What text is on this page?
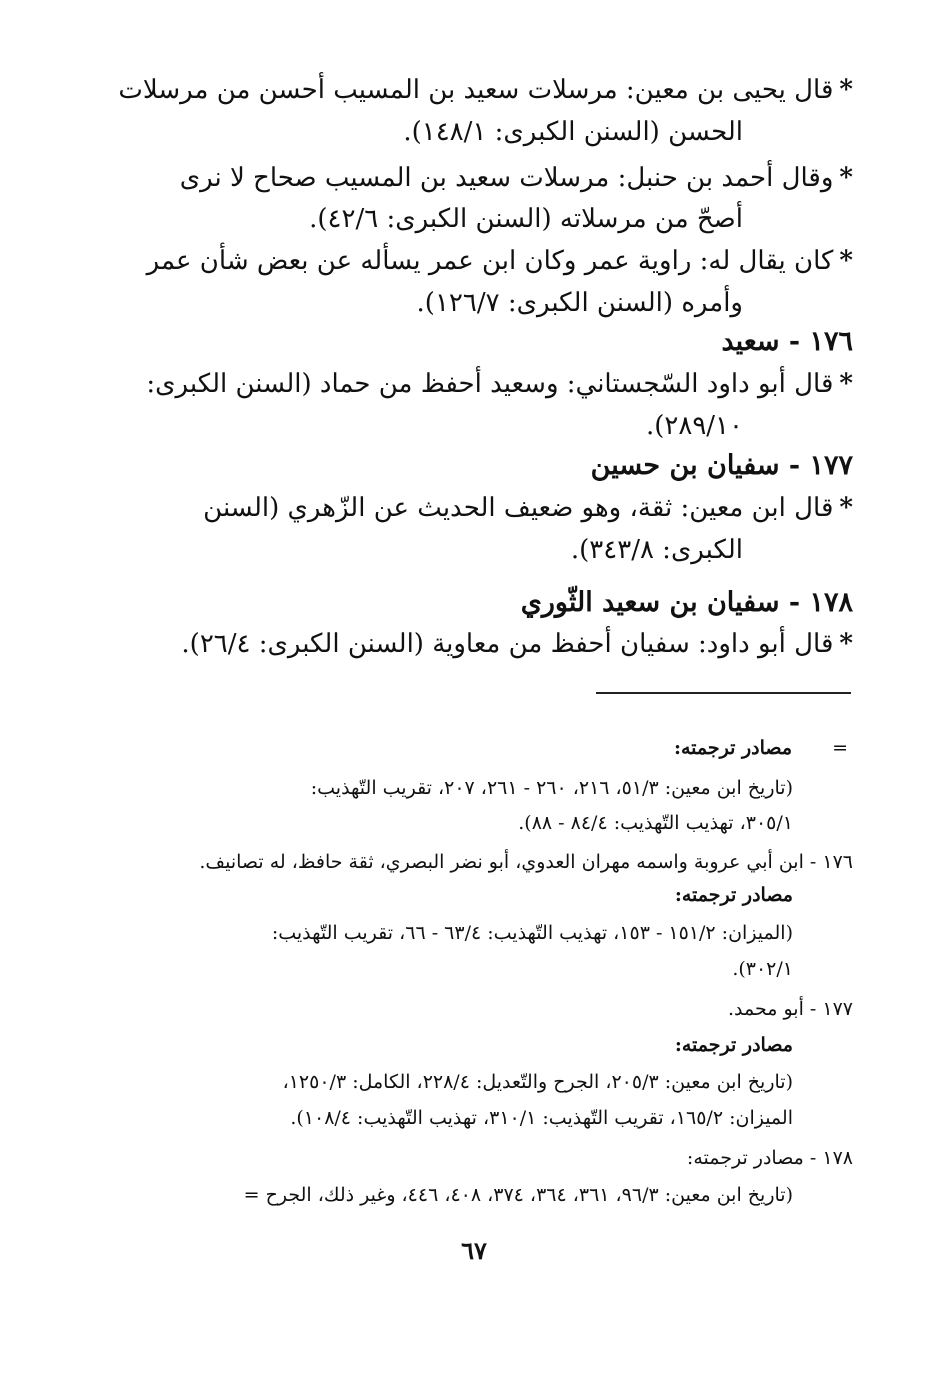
*قال يحيى بن معين: مرسلات سعيد بن المسيب أحسن من مرسلات
الحسن (السنن الكبرى: ١٤٨/١).
*وقال أحمد بن حنبل: مرسلات سعيد بن المسيب صحاح لا نرى
أصحّ من مرسلاته (السنن الكبرى: ٤٢/٦).
*كان يقال له: راوية عمر وكان ابن عمر يسأله عن بعض شأن عمر
وأمره (السنن الكبرى: ١٢٦/٧).
١٧٦ - سعيد
*قال أبو داود السّجستاني: وسعيد أحفظ من حماد (السنن الكبرى:
٢٨٩/١٠).
١٧٧ - سفيان بن حسين
*قال ابن معين: ثقة، وهو ضعيف الحديث عن الزّهري (السنن
الكبرى: ٣٤٣/٨).
١٧٨ - سفيان بن سعيد الثّوري
*قال أبو داود: سفيان أحفظ من معاوية (السنن الكبرى: ٢٦/٤).
=مصادر ترجمته:
(تاريخ ابن معين: ٥١/٣، ٢١٦، ٢٦٠ - ٢٦١، ٢٠٧، تقريب التّهذيب:
٣٠٥/١، تهذيب التّهذيب: ٨٤/٤ - ٨٨).
١٧٦ - ابن أبي عروبة واسمه مهران العدوي، أبو نضر البصري، ثقة حافظ، له تصانيف.
مصادر ترجمته:
(الميزان: ١٥١/٢ - ١٥٣، تهذيب التّهذيب: ٦٣/٤ - ٦٦، تقريب التّهذيب:
٣٠٢/١).
١٧٧ - أبو محمد.
مصادر ترجمته:
(تاريخ ابن معين: ٢٠٥/٣، الجرح والتّعديل: ٢٢٨/٤، الكامل: ١٢٥٠/٣،
الميزان: ١٦٥/٢، تقريب التّهذيب: ٣١٠/١، تهذيب التّهذيب: ١٠٨/٤).
١٧٨ - مصادر ترجمته:
(تاريخ ابن معين: ٩٦/٣، ٣٦١، ٣٦٤، ٣٧٤، ٤٠٨، ٤٤٦، وغير ذلك، الجرح =
٦٧
